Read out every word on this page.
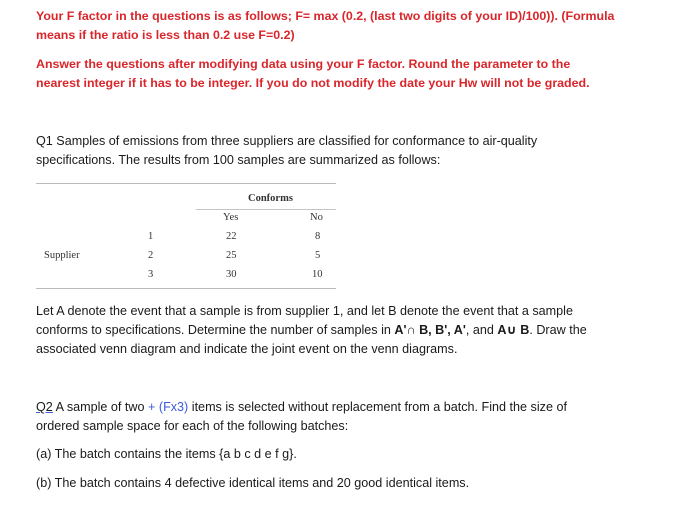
Your F factor in the questions is as follows; F= max (0.2, (last two digits of your ID)/100)). (Formula

means if the ratio is less than 0.2 use F=0.2)

Answer the questions after modifying data using your F factor. Round the parameter to the

nearest integer if it has to be integer. If you do not modify the date your Hw will not be graded.

Q1 Samples of emissions from three suppliers are classified for conformance to air-quality

specifications. The results from 100 samples are summarized as follows:

Conforms
Yes	No
Supplier
1	22	8
2	25	5
3	30	10

Let A denote the event that a sample is from supplier 1, and let B denote the event that a sample

conforms to specifications. Determine the number of samples in A'∩ B, B', A', and A∪ B. Draw the

associated venn diagram and indicate the joint event on the venn diagrams.

Q2 A sample of two + (Fx3) items is selected without replacement from a batch. Find the size of

ordered sample space for each of the following batches:

(a) The batch contains the items {a b c d e f g}.

(b) The batch contains 4 defective identical items and 20 good identical items.
